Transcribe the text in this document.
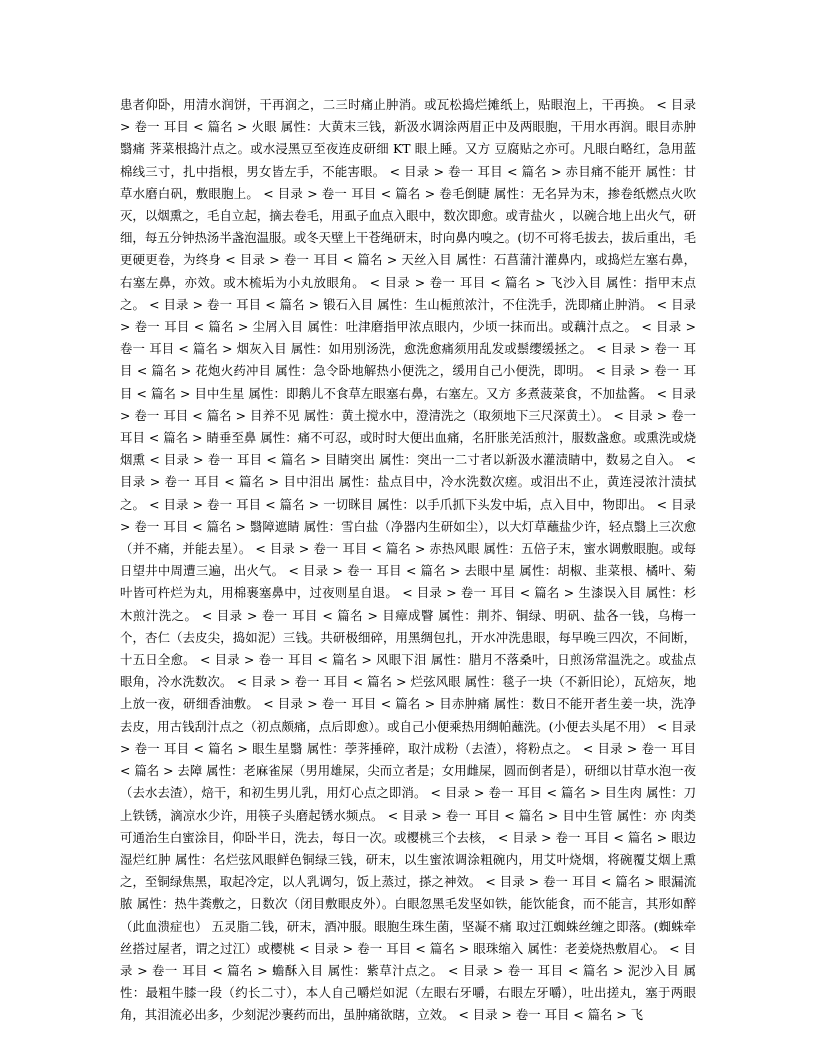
患者仰卧，用清水润饼，干再润之，二三时痛止肿消。或瓦松捣烂摊纸上，贴眼泡上，干再换。 < 目录 > 卷一 耳目 < 篇名 > 火眼 属性：大黄末三钱，新汲水调涂两眉正中及两眼胞，干用水再润。眼目赤肿翳痛 荠菜根捣汁点之。或水浸黑豆至夜连皮研细 KT 眼上睡。又方 豆腐贴之亦可。凡眼白略红，急用蓝棉线三寸，扎中指根，男女皆左手，不能害眼。 < 目录 > 卷一 耳目 < 篇名 > 赤目痛不能开 属性：甘草水磨白矾，敷眼胞上。 < 目录 > 卷一 耳目 < 篇名 > 卷毛倒睫 属性：无名异为末，掺卷纸燃点火吹灭，以烟熏之，毛自立起，摘去卷毛，用虱子血点入眼中，数次即愈。或青盐火 ，以碗合地上出火气，研细，每五分钟热汤半盏泡温服。或冬天壁上干苍绳研末，时向鼻内嗅之。(切不可将毛拔去，拔后重出，毛更硬更卷，为终身 < 目录 > 卷一 耳目 < 篇名 > 天丝入目 属性：石菖蒲汁灌鼻内，或捣烂左塞右鼻，右塞左鼻，亦效。或木梳垢为小丸放眼角。 < 目录 > 卷一 耳目 < 篇名 > 飞沙入目 属性：指甲末点之。 < 目录 > 卷一 耳目 < 篇名 > 锻石入目 属性：生山栀煎浓汁，不住洗手，洗即痛止肿消。 < 目录 > 卷一 耳目 < 篇名 > 尘屑入目 属性：吐津磨指甲浓点眼内，少顷一抹而出。或藕汁点之。 < 目录 > 卷一 耳目 < 篇名 > 烟灰入目 属性：如用别汤洗，愈洗愈痛须用乱发或鬃缨缓拯之。 < 目录 > 卷一 耳目 < 篇名 > 花炮火药冲目 属性：急令卧地解热小便洗之，缓用自己小便洗，即明。 < 目录 > 卷一 耳目 < 篇名 > 目中生星 属性：即鹅儿不食草左眼塞右鼻，右塞左。又方 多煮菠菜食，不加盐酱。 < 目录 > 卷一 耳目 < 篇名 > 目养不见 属性：黄土搅水中，澄清洗之（取须地下三尺深黄土）。 < 目录 > 卷一 耳目 < 篇名 > 睛垂至鼻 属性：痛不可忍，或时时大便出血痛，名肝胀羌活煎汁，服数盏愈。或熏洗或烧烟熏 < 目录 > 卷一 耳目 < 篇名 > 目睛突出 属性：突出一二寸者以新汲水灌渍睛中，数易之自入。 < 目录 > 卷一 耳目 < 篇名 > 目中泪出 属性：盐点目中，冷水洗数次瘥。或泪出不止，黄连浸浓汁渍拭之。 < 目录 > 卷一 耳目 < 篇名 > 一切眯目 属性：以手爪抓下头发中垢，点入目中，物即出。 < 目录 > 卷一 耳目 < 篇名 > 翳障遮睛 属性：雪白盐（净器内生研如尘），以大灯草蘸盐少许，轻点翳上三次愈（并不痛，并能去星）。 < 目录 > 卷一 耳目 < 篇名 > 赤热风眼 属性：五倍子末，蜜水调敷眼胞。或每日望井中周遭三遍，出火气。 < 目录 > 卷一 耳目 < 篇名 > 去眼中星 属性：胡椒、韭菜根、橘叶、菊叶皆可杵烂为丸，用棉裹塞鼻中，过夜则星自退。 < 目录 > 卷一 耳目 < 篇名 > 生漆误入目 属性：杉木煎汁洗之。 < 目录 > 卷一 耳目 < 篇名 > 目瘴成瞖 属性：荆芥、铜绿、明矾、盐各一钱，乌梅一个，杏仁（去皮尖，捣如泥）三钱。共研极细碎，用黑绸包扎，开水冲洗患眼，每早晚三四次，不间断，十五日全愈。 < 目录 > 卷一 耳目 < 篇名 > 风眼下泪 属性：腊月不落桑叶，日煎汤常温洗之。或盐点眼角，冷水洗数次。 < 目录 > 卷一 耳目 < 篇名 > 烂弦风眼 属性：毯子一块（不新旧论），瓦焙灰，地上放一夜，研细香油敷。 < 目录 > 卷一 耳目 < 篇名 > 目赤肿痛 属性：数日不能开者生姜一块，洗净去皮，用古钱刮汁点之（初点颇痛，点后即愈）。或自己小便乘热用绸帕蘸洗。(小便去头尾不用） < 目录 > 卷一 耳目 < 篇名 > 眼生星翳 属性：荸荠捶碎，取汁成粉（去渣），将粉点之。 < 目录 > 卷一 耳目 < 篇名 > 去障 属性：老麻雀屎（男用雄屎，尖而立者是；女用雌屎，圆而倒者是），研细以甘草水泡一夜（去水去渣），焙干，和初生男儿乳，用灯心点之即消。 < 目录 > 卷一 耳目 < 篇名 > 目生肉 属性：刀上铁锈，滴凉水少许，用筷子头磨起锈水频点。 < 目录 > 卷一 耳目 < 篇名 > 目中生管 属性：亦 肉类可通治生白蜜涂目，仰卧半日，洗去，每日一次。或樱桃三个去核， < 目录 > 卷一 耳目 < 篇名 > 眼边湿烂红肿 属性：名烂弦风眼鲜色铜绿三钱，研末，以生蜜浓调涂粗碗内，用艾叶烧烟，将碗覆艾烟上熏之，至铜绿焦黑，取起冷定，以人乳调匀，饭上蒸过，搽之神效。 < 目录 > 卷一 耳目 < 篇名 > 眼漏流脓 属性：热牛粪敷之，日数次（闭目敷眼皮外）。白眼忽黑毛发坚如铁，能饮能食，而不能言，其形如醉（此血溃症也） 五灵脂二钱，研末，酒冲服。眼胞生珠生菌，坚凝不痛 取过江蜘蛛丝缠之即落。(蜘蛛牵丝搭过屋者，谓之过江）或樱桃 < 目录 > 卷一 耳目 < 篇名 > 眼珠缩入 属性：老姜烧热敷眉心。 < 目录 > 卷一 耳目 < 篇名 > 蟾酥入目 属性：紫草汁点之。 < 目录 > 卷一 耳目 < 篇名 > 泥沙入目 属性：最粗牛膝一段（约长二寸），本人自己嚼烂如泥（左眼右牙嚼，右眼左牙嚼），吐出搓丸，塞于两眼角，其泪流必出多，少刻泥沙裹药而出，虽肿痛欲瞎，立效。 < 目录 > 卷一 耳目 < 篇名 > 飞
